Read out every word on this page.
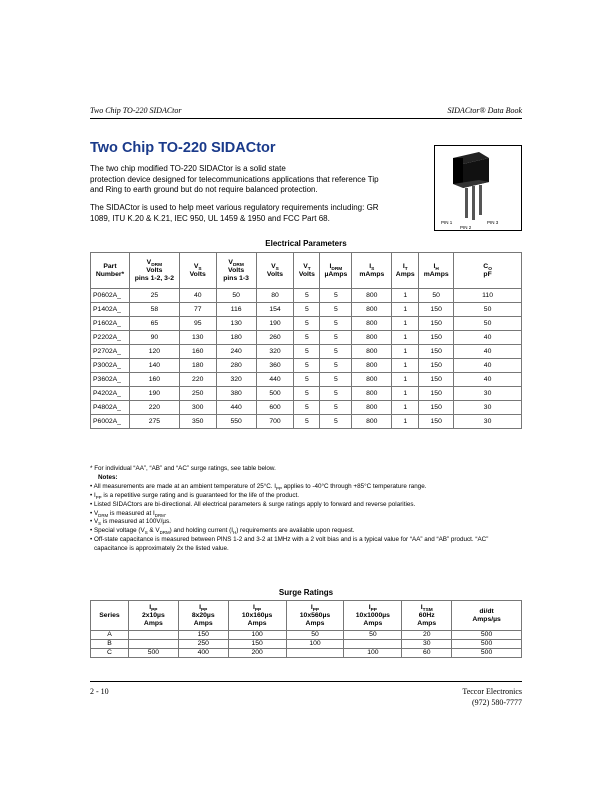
Two Chip TO-220 SIDACtor	SIDACtor® Data Book
Two Chip TO-220 SIDACtor

The two chip modified TO-220 SIDACtor is a solid state
protection device designed for telecommunications applications that reference Tip
and Ring to earth ground but do not require balanced protection.

The SIDACtor is used to help meet various regulatory requirements including: GR
1089, ITU K.20 & K.21, IEC 950, UL 1459 & 1950 and FCC Part 68.	PIN 1
PIN 2
PIN 3
Electrical Parameters
Part
Number*	$V_{DRM}$
Volts
pins 1-2, 3-2	$V_S$
Volts	$V_{DRM}$
Volts
pins 1-3	$V_S$
Volts	$V_T$
Volts	$I_{DRM}$
µAmps	$I_S$
mAmps	$I_T$
Amps	$I_H$
mAmps	$C_O$
pF
P0602A_	25	40	50	80	5	5	800	1	50	110
P1402A_	58	77	116	154	5	5	800	1	150	50
P1602A_	65	95	130	190	5	5	800	1	150	50
P2202A_	90	130	180	260	5	5	800	1	150	40
P2702A_	120	160	240	320	5	5	800	1	150	40
P3002A_	140	180	280	360	5	5	800	1	150	40
P3602A_	160	220	320	440	5	5	800	1	150	40
P4202A_	190	250	380	500	5	5	800	1	150	30
P4802A_	220	300	440	600	5	5	800	1	150	30
P6002A_	275	350	550	700	5	5	800	1	150	30
* For individual “AA”, “AB” and “AC” surge ratings, see table below.
Notes:
• All measurements are made at an ambient temperature of 25°C. $I_{PP}$ applies to -40°C through +85°C temperature range.
• $I_{PP}$ is a repetitive surge rating and is guaranteed for the life of the product.
• Listed SIDACtors are bi-directional. All electrical parameters & surge ratings apply to forward and reverse polarities.
• $V_{DRM}$ is measured at $I_{DRM}$.
• $V_S$ is measured at 100V/µs.
• Special voltage ($V_S$ & $V_{DRM}$) and holding current $(I_H)$ requirements are available upon request.
• Off-state capacitance is measured between PINS 1-2 and 3-2 at 1MHz with a 2 volt bias and is a typical value for “AA” and “AB” product. “AC” capacitance is approximately 2x the listed value.
Surge Ratings
Series	$I_{PP}$
2x10µs
Amps	$I_{PP}$
8x20µs
Amps	$I_{PP}$
10x160µs
Amps	$I_{PP}$
10x560µs
Amps	$I_{PP}$
10x1000µs
Amps	$I_{TSM}$
60Hz
Amps	di/dt
Amps/µs
A		150	100	50	50	20	500
B		250	150	100		30	500
C	500	400	200		100	60	500
2 - 10	Teccor Electronics
(972) 580-7777
